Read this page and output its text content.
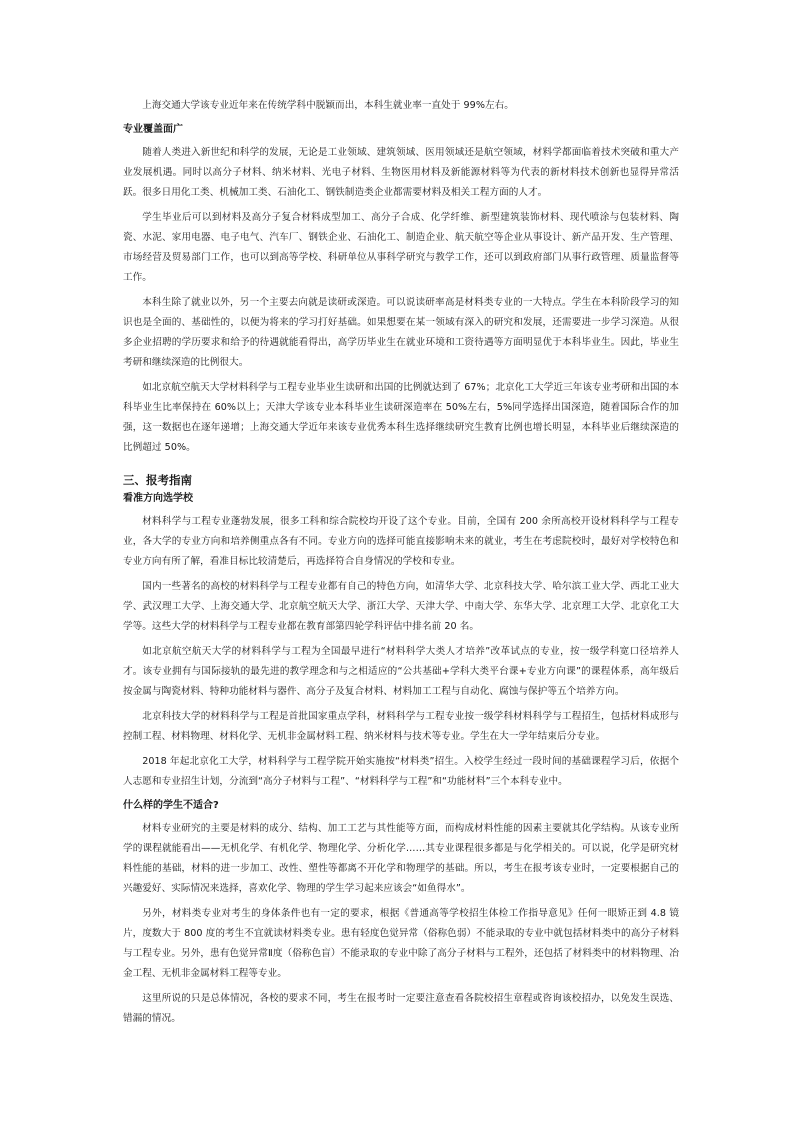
上海交通大学该专业近年来在传统学科中脱颖而出，本科生就业率一直处于 99%左右。

专业覆盖面广

随着人类进入新世纪和科学的发展，无论是工业领域、建筑领域、医用领域还是航空领域，材料学都面临着技术突破和重大产业发展机遇。同时以高分子材料、纳米材料、光电子材料、生物医用材料及新能源材料等为代表的新材料技术创新也显得异常活跃。很多日用化工类、机械加工类、石油化工、钢铁制造类企业都需要材料及相关工程方面的人才。

学生毕业后可以到材料及高分子复合材料成型加工、高分子合成、化学纤维、新型建筑装饰材料、现代喷涂与包装材料、陶瓷、水泥、家用电器、电子电气、汽车厂、钢铁企业、石油化工、制造企业、航天航空等企业从事设计、新产品开发、生产管理、市场经营及贸易部门工作，也可以到高等学校、科研单位从事科学研究与教学工作，还可以到政府部门从事行政管理、质量监督等工作。

本科生除了就业以外，另一个主要去向就是读研或深造。可以说读研率高是材料类专业的一大特点。学生在本科阶段学习的知识也是全面的、基础性的，以便为将来的学习打好基础。如果想要在某一领域有深入的研究和发展，还需要进一步学习深造。从很多企业招聘的学历要求和给予的待遇就能看得出，高学历毕业生在就业环境和工资待遇等方面明显优于本科毕业生。因此，毕业生考研和继续深造的比例很大。

如北京航空航天大学材料科学与工程专业毕业生读研和出国的比例就达到了 67%；北京化工大学近三年该专业考研和出国的本科毕业生比率保持在 60%以上；天津大学该专业本科毕业生读研深造率在 50%左右，5%同学选择出国深造，随着国际合作的加强，这一数据也在逐年递增；上海交通大学近年来该专业优秀本科生选择继续研究生教育比例也增长明显，本科毕业后继续深造的比例超过 50%。

三、报考指南
看准方向选学校

材料科学与工程专业蓬勃发展，很多工科和综合院校均开设了这个专业。目前，全国有 200 余所高校开设材料科学与工程专业，各大学的专业方向和培养侧重点各有不同。专业方向的选择可能直接影响未来的就业，考生在考虑院校时，最好对学校特色和专业方向有所了解，看准目标比较清楚后，再选择符合自身情况的学校和专业。

国内一些著名的高校的材料科学与工程专业都有自己的特色方向，如清华大学、北京科技大学、哈尔滨工业大学、西北工业大学、武汉理工大学、上海交通大学、北京航空航天大学、浙江大学、天津大学、中南大学、东华大学、北京理工大学、北京化工大学等。这些大学的材料科学与工程专业都在教育部第四轮学科评估中排名前 20 名。

如北京航空航天大学的材料科学与工程为全国最早进行“材料科学大类人才培养”改革试点的专业，按一级学科宽口径培养人才。该专业拥有与国际接轨的最先进的教学理念和与之相适应的“公共基础+学科大类平台课+专业方向课”的课程体系，高年级后按金属与陶瓷材料、特种功能材料与器件、高分子及复合材料、材料加工工程与自动化、腐蚀与保护等五个培养方向。

北京科技大学的材料科学与工程是首批国家重点学科，材料科学与工程专业按一级学科材料科学与工程招生，包括材料成形与控制工程、材料物理、材料化学、无机非金属材料工程、纳米材料与技术等专业。学生在大一学年结束后分专业。

2018 年起北京化工大学，材料科学与工程学院开始实施按“材料类”招生。入校学生经过一段时间的基础课程学习后，依据个人志愿和专业招生计划，分流到“高分子材料与工程”、“材料科学与工程”和“功能材料”三个本科专业中。

什么样的学生不适合?

材料专业研究的主要是材料的成分、结构、加工工艺与其性能等方面，而构成材料性能的因素主要就其化学结构。从该专业所学的课程就能看出——无机化学、有机化学、物理化学、分析化学……其专业课程很多都是与化学相关的。可以说，化学是研究材料性能的基础，材料的进一步加工、改性、塑性等都离不开化学和物理学的基础。所以，考生在报考该专业时，一定要根据自己的兴趣爱好、实际情况来选择，喜欢化学、物理的学生学习起来应该会“如鱼得水”。

另外，材料类专业对考生的身体条件也有一定的要求，根据《普通高等学校招生体检工作指导意见》任何一眼矫正到 4.8 镜片，度数大于 800 度的考生不宜就读材料类专业。患有轻度色觉异常（俗称色弱）不能录取的专业中就包括材料类中的高分子材料与工程专业。另外，患有色觉异常Ⅱ度（俗称色盲）不能录取的专业中除了高分子材料与工程外，还包括了材料类中的材料物理、冶金工程、无机非金属材料工程等专业。

这里所说的只是总体情况，各校的要求不同，考生在报考时一定要注意查看各院校招生章程或咨询该校招办，以免发生误选、错漏的情况。
